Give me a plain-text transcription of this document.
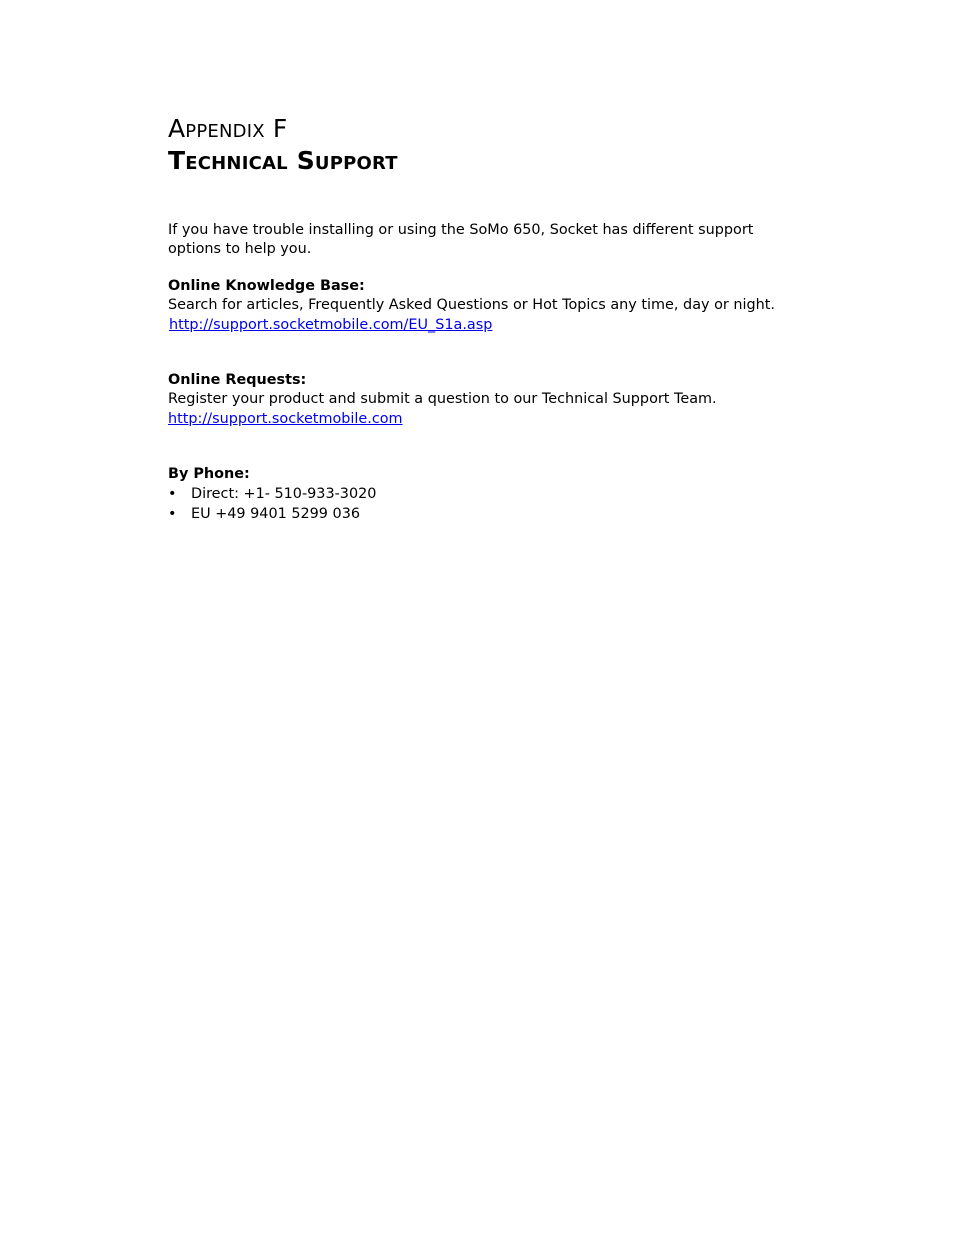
Appendix F
Technical Support

If you have trouble installing or using the SoMo 650, Socket has different support options to help you.

Online Knowledge Base:

Search for articles, Frequently Asked Questions or Hot Topics any time, day or night.

http://support.socketmobile.com/EU_S1a.asp

Online Requests:

Register your product and submit a question to our Technical Support Team.

http://support.socketmobile.com

By Phone:

• Direct: +1- 510-933-3020
• EU +49 9401 5299 036
